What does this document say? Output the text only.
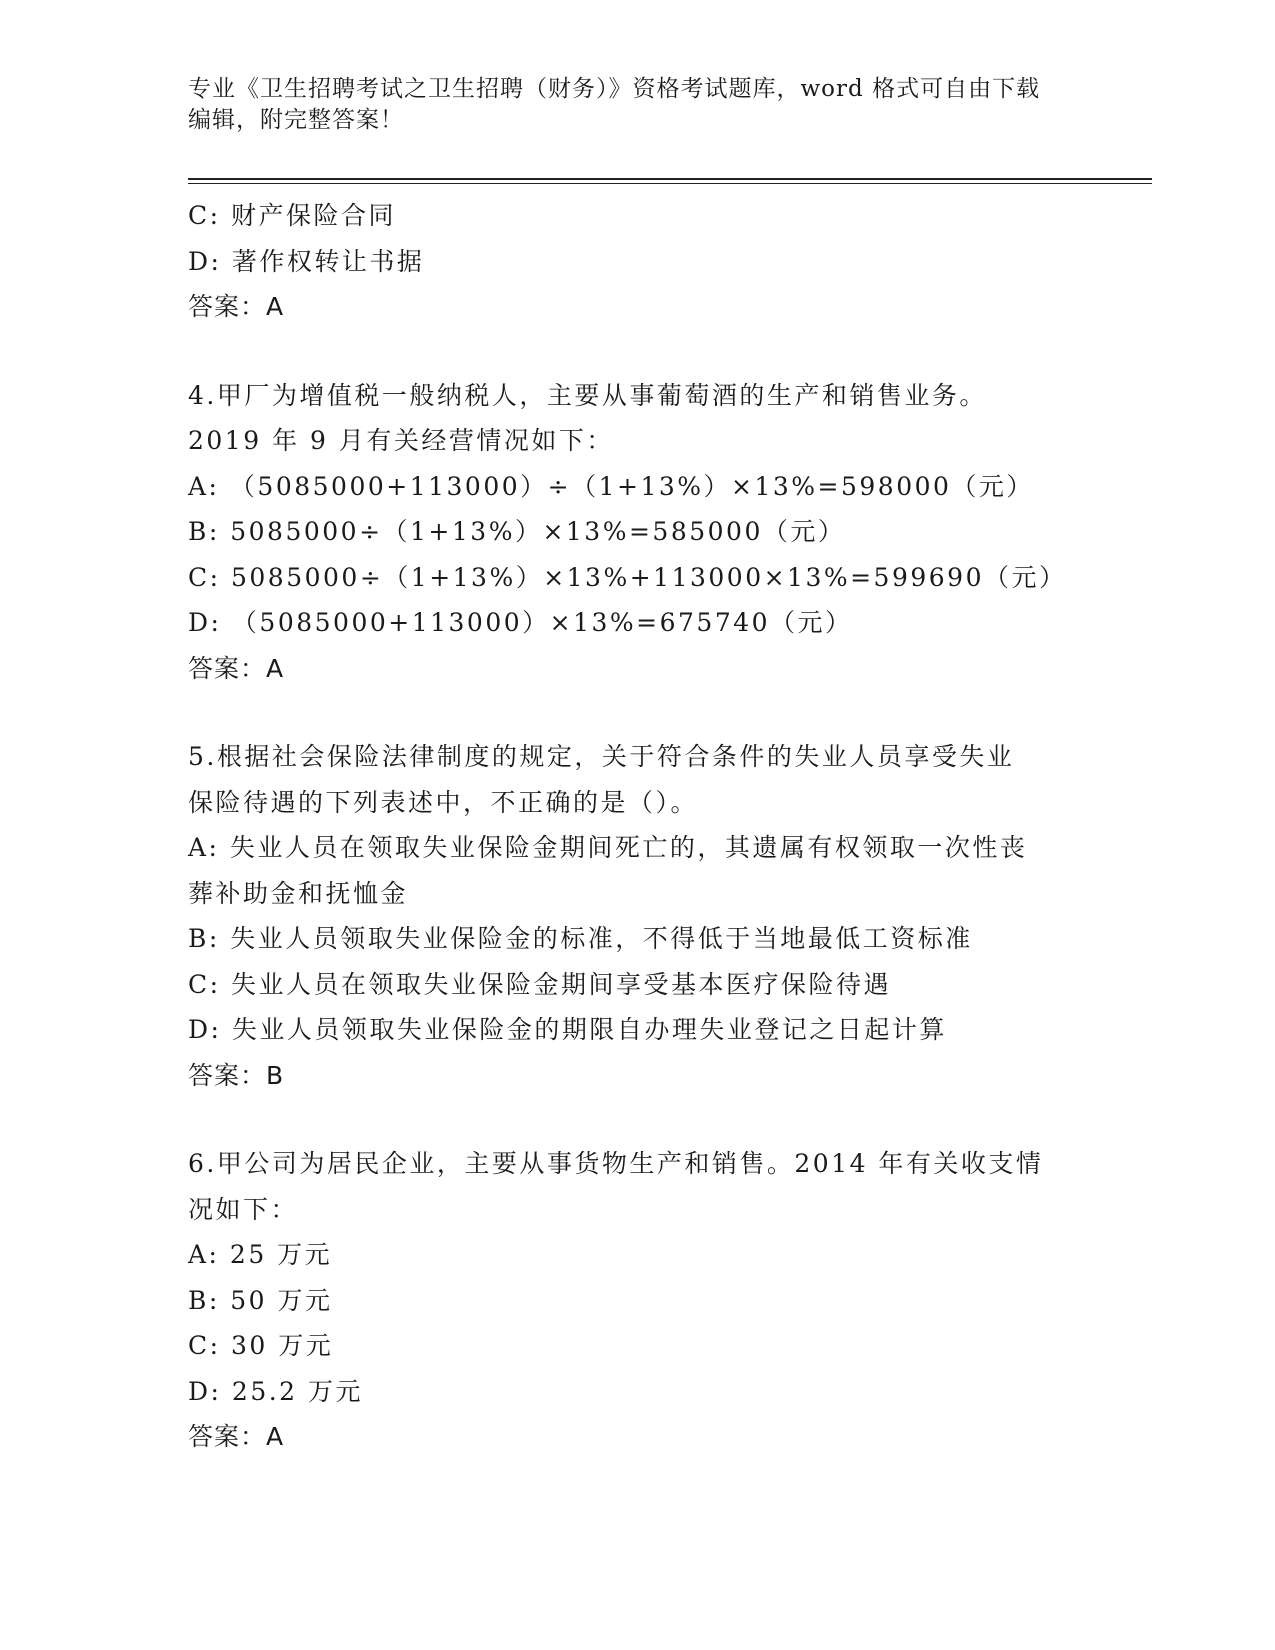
专业《卫生招聘考试之卫生招聘（财务）》资格考试题库，word 格式可自由下载
编辑，附完整答案！
C: 财产保险合同
D: 著作权转让书据
答案：A
4.甲厂为增值税一般纳税人，主要从事葡萄酒的生产和销售业务。
2019 年 9 月有关经营情况如下：
A: （5085000+113000）÷（1+13%）×13%=598000（元）
B: 5085000÷（1+13%）×13%=585000（元）
C: 5085000÷（1+13%）×13%+113000×13%=599690（元）
D: （5085000+113000）×13%=675740（元）
答案：A
5.根据社会保险法律制度的规定，关于符合条件的失业人员享受失业
保险待遇的下列表述中，不正确的是（）。
A: 失业人员在领取失业保险金期间死亡的，其遗属有权领取一次性丧
葬补助金和抚恤金
B: 失业人员领取失业保险金的标准，不得低于当地最低工资标准
C: 失业人员在领取失业保险金期间享受基本医疗保险待遇
D: 失业人员领取失业保险金的期限自办理失业登记之日起计算
答案：B
6.甲公司为居民企业，主要从事货物生产和销售。2014 年有关收支情
况如下：
A: 25 万元
B: 50 万元
C: 30 万元
D: 25.2 万元
答案：A
